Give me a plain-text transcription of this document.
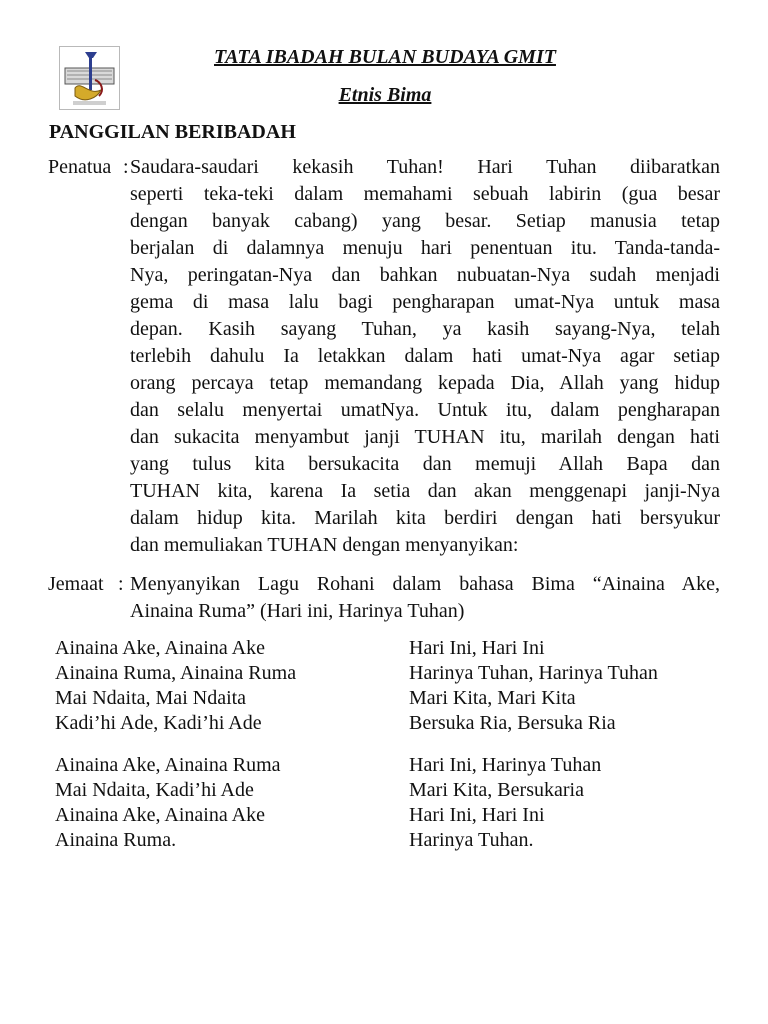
TATA IBADAH BULAN BUDAYA GMIT
Etnis Bima
PANGGILAN BERIBADAH
Penatua : Saudara-saudari kekasih Tuhan! Hari Tuhan diibaratkan
seperti teka-teki dalam memahami sebuah labirin (gua besar
dengan banyak cabang) yang besar. Setiap manusia tetap
berjalan di dalamnya menuju hari penentuan itu. Tanda-tanda-
Nya, peringatan-Nya dan bahkan nubuatan-Nya sudah menjadi
gema di masa lalu bagi pengharapan umat-Nya untuk masa
depan. Kasih sayang Tuhan, ya kasih sayang-Nya, telah
terlebih dahulu Ia letakkan dalam hati umat-Nya agar setiap
orang percaya tetap memandang kepada Dia, Allah yang hidup
dan selalu menyertai umatNya. Untuk itu, dalam pengharapan
dan sukacita menyambut janji TUHAN itu, marilah dengan hati
yang tulus kita bersukacita dan memuji Allah Bapa dan
TUHAN kita, karena Ia setia dan akan menggenapi janji-Nya
dalam hidup kita. Marilah kita berdiri dengan hati bersyukur
dan memuliakan TUHAN dengan menyanyikan:
Jemaat : Menyanyikan Lagu Rohani dalam bahasa Bima “Ainaina Ake,
Ainaina Ruma” (Hari ini, Harinya Tuhan)
Ainaina Ake, Ainaina Ake
Ainaina Ruma, Ainaina Ruma
Mai Ndaita, Mai Ndaita
Kadi’hi Ade, Kadi’hi Ade
Hari Ini, Hari Ini
Harinya Tuhan, Harinya Tuhan
Mari Kita, Mari Kita
Bersuka Ria, Bersuka Ria
Ainaina Ake, Ainaina Ruma
Mai Ndaita, Kadi’hi Ade
Ainaina Ake, Ainaina Ake
Ainaina Ruma.
Hari Ini, Harinya Tuhan
Mari Kita, Bersukaria
Hari Ini, Hari Ini
Harinya Tuhan.
